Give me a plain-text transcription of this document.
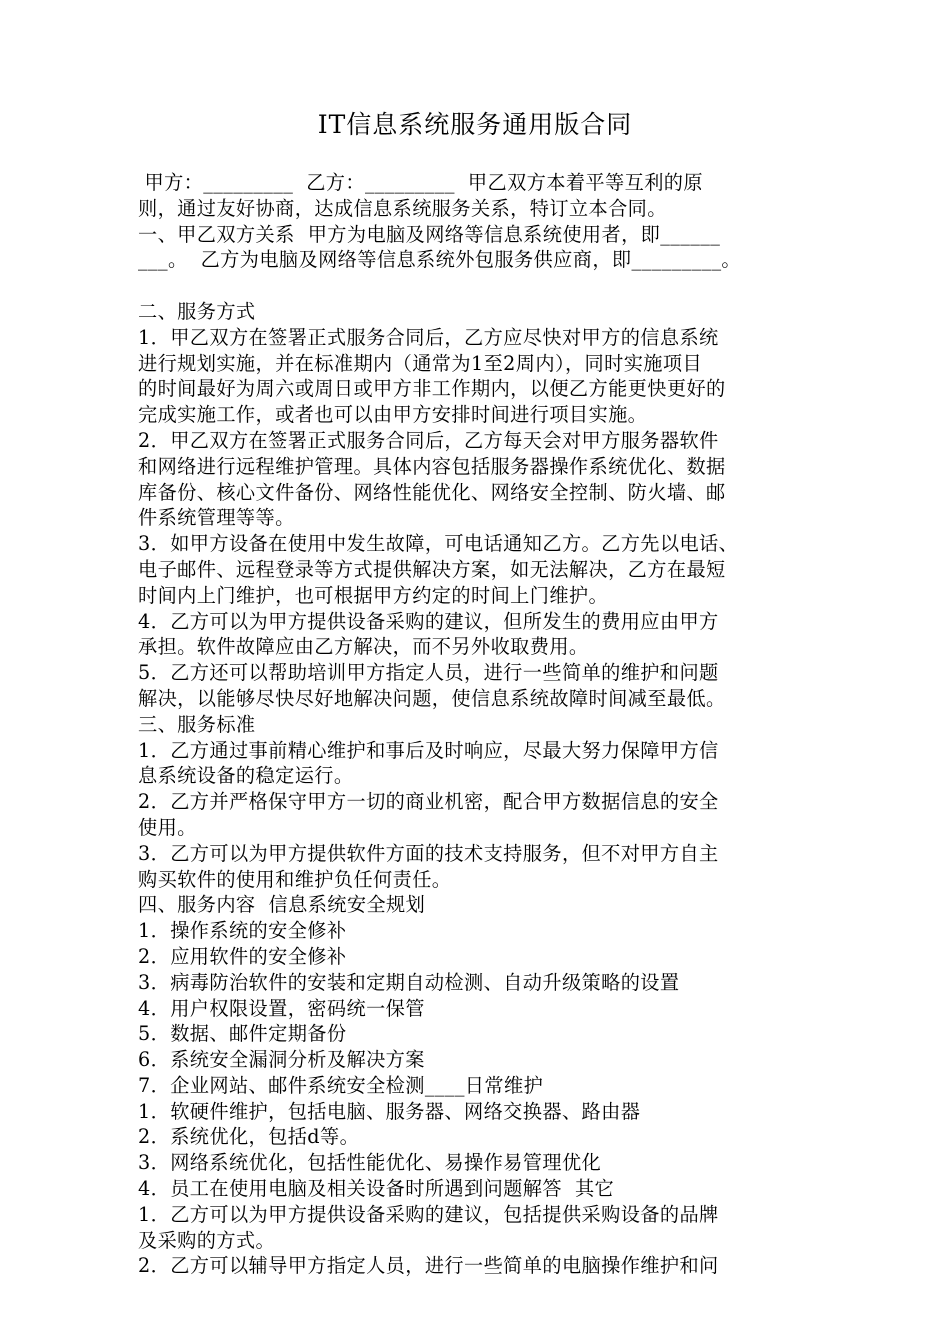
IT信息系统服务通用版合同
甲方：_________  乙方：_________  甲乙双方本着平等互利的原
则，通过友好协商，达成信息系统服务关系，特订立本合同。
一、甲乙双方关系  甲方为电脑及网络等信息系统使用者，即______
___。  乙方为电脑及网络等信息系统外包服务供应商，即_________。
二、服务方式
1．甲乙双方在签署正式服务合同后，乙方应尽快对甲方的信息系统
进行规划实施，并在标准期内（通常为1至2周内），同时实施项目
的时间最好为周六或周日或甲方非工作期内，以便乙方能更快更好的
完成实施工作，或者也可以由甲方安排时间进行项目实施。
2．甲乙双方在签署正式服务合同后，乙方每天会对甲方服务器软件
和网络进行远程维护管理。具体内容包括服务器操作系统优化、数据
库备份、核心文件备份、网络性能优化、网络安全控制、防火墙、邮
件系统管理等等。
3．如甲方设备在使用中发生故障，可电话通知乙方。乙方先以电话、
电子邮件、远程登录等方式提供解决方案，如无法解决，乙方在最短
时间内上门维护，也可根据甲方约定的时间上门维护。
4．乙方可以为甲方提供设备采购的建议，但所发生的费用应由甲方
承担。软件故障应由乙方解决，而不另外收取费用。
5．乙方还可以帮助培训甲方指定人员，进行一些简单的维护和问题
解决，以能够尽快尽好地解决问题，使信息系统故障时间减至最低。
三、服务标准
1．乙方通过事前精心维护和事后及时响应，尽最大努力保障甲方信
息系统设备的稳定运行。
2．乙方并严格保守甲方一切的商业机密，配合甲方数据信息的安全
使用。
3．乙方可以为甲方提供软件方面的技术支持服务，但不对甲方自主
购买软件的使用和维护负任何责任。
四、服务内容  信息系统安全规划
1．操作系统的安全修补
2．应用软件的安全修补
3．病毒防治软件的安装和定期自动检测、自动升级策略的设置
4．用户权限设置，密码统一保管
5．数据、邮件定期备份
6．系统安全漏洞分析及解决方案
7．企业网站、邮件系统安全检测____日常维护
1．软硬件维护，包括电脑、服务器、网络交换器、路由器
2．系统优化，包括d等。
3．网络系统优化，包括性能优化、易操作易管理优化
4．员工在使用电脑及相关设备时所遇到问题解答  其它
1．乙方可以为甲方提供设备采购的建议，包括提供采购设备的品牌
及采购的方式。
2．乙方可以辅导甲方指定人员，进行一些简单的电脑操作维护和问
